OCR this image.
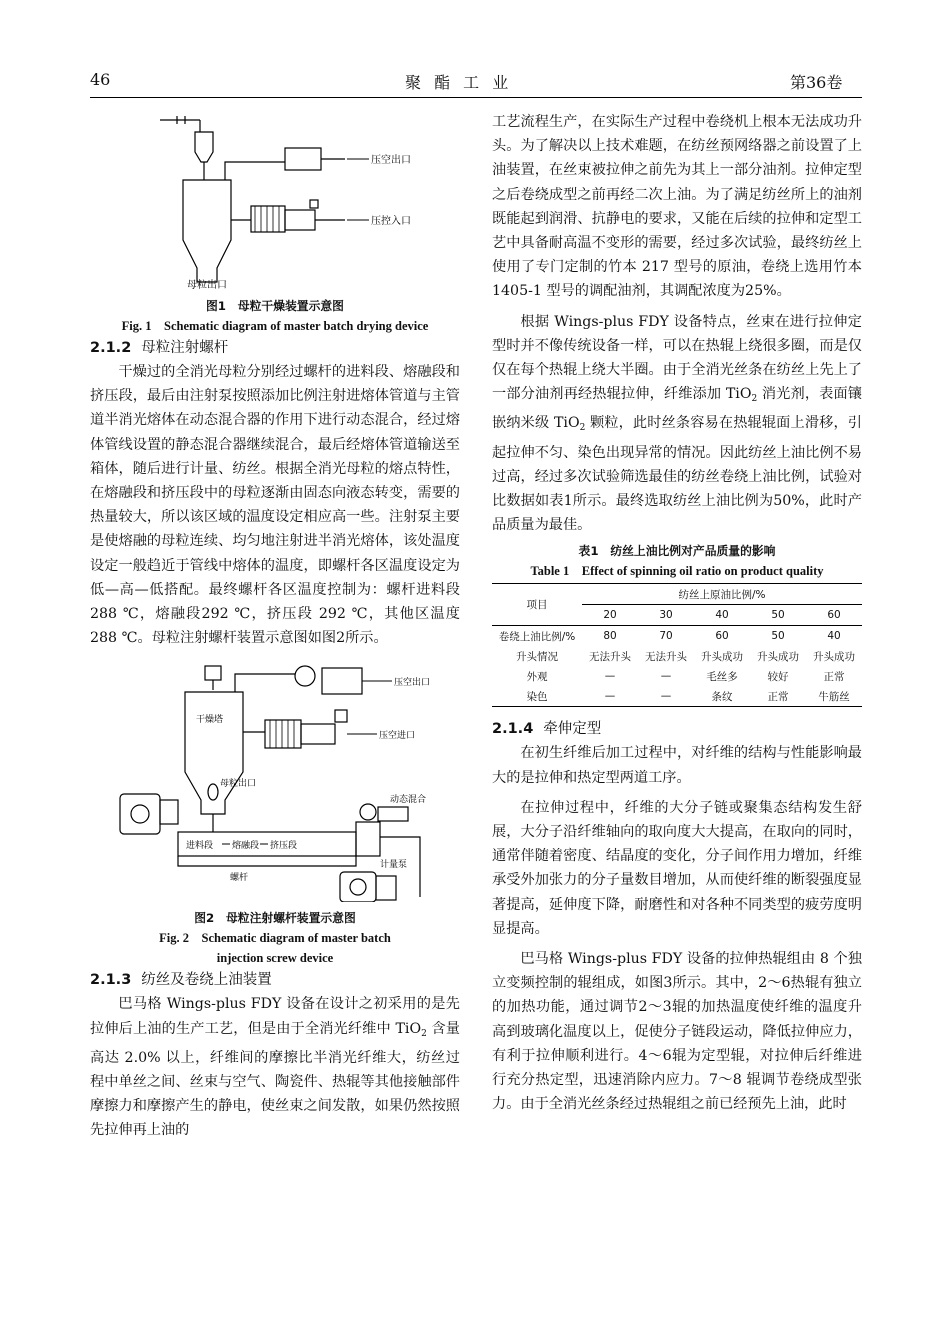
46	聚 酯 工 业	第36卷
压空出口
压控入口
母粒出口

图1　母粒干燥装置示意图

Fig. 1　Schematic diagram of master batch drying device

2.1.2 母粒注射螺杆

干燥过的全消光母粒分别经过螺杆的进料段、熔融段和挤压段，最后由注射泵按照添加比例注射进熔体管道与主管道半消光熔体在动态混合器的作用下进行动态混合，经过熔体管线设置的静态混合器继续混合，最后经熔体管道输送至箱体，随后进行计量、纺丝。根据全消光母粒的熔点特性，在熔融段和挤压段中的母粒逐渐由固态向液态转变，需要的热量较大，所以该区域的温度设定相应高一些。注射泵主要是使熔融的母粒连续、均匀地注射进半消光熔体，该处温度设定一般趋近于管线中熔体的温度，即螺杆各区温度设定为低—高—低搭配。最终螺杆各区温度控制为：螺杆进料段 288 ℃，熔融段292 ℃，挤压段 292 ℃，其他区温度 288 ℃。母粒注射螺杆装置示意图如图2所示。

干燥塔
压空出口
压空进口
母粒出口
进料段 熔融段 挤压段
螺杆
计量泵
动态混合

图2　母粒注射螺杆装置示意图

Fig. 2　Schematic diagram of master batch

injection screw device

2.1.3 纺丝及卷绕上油装置

巴马格 Wings-plus FDY 设备在设计之初采用的是先拉伸后上油的生产工艺，但是由于全消光纤维中 TiO$_2$ 含量高达 2.0% 以上，纤维间的摩擦比半消光纤维大，纺丝过程中单丝之间、丝束与空气、陶瓷件、热辊等其他接触部件摩擦力和摩擦产生的静电，使丝束之间发散，如果仍然按照先拉伸再上油的

工艺流程生产，在实际生产过程中卷绕机上根本无法成功升头。为了解决以上技术难题，在纺丝预网络器之前设置了上油装置，在丝束被拉伸之前先为其上一部分油剂。拉伸定型之后卷绕成型之前再经二次上油。为了满足纺丝所上的油剂既能起到润滑、抗静电的要求，又能在后续的拉伸和定型工艺中具备耐高温不变形的需要，经过多次试验，最终纺丝上使用了专门定制的竹本 217 型号的原油，卷绕上选用竹本 1405-1 型号的调配油剂，其调配浓度为25%。

根据 Wings-plus FDY 设备特点，丝束在进行拉伸定型时并不像传统设备一样，可以在热辊上绕很多圈，而是仅仅在每个热辊上绕大半圈。由于全消光丝条在纺丝上先上了一部分油剂再经热辊拉伸，纤维添加 TiO$_2$ 消光剂，表面镶嵌纳米级 TiO$_2$ 颗粒，此时丝条容易在热辊辊面上滑移，引起拉伸不匀、染色出现异常的情况。因此纺丝上油比例不易过高，经过多次试验筛选最佳的纺丝卷绕上油比例，试验对比数据如表1所示。最终选取纺丝上油比例为50%，此时产品质量为最佳。

表1　纺丝上油比例对产品质量的影响

Table 1　Effect of spinning oil ratio on product quality

项目	纺丝上原油比例/%				
	20	30	40	50	60
卷绕上油比例/%	80	70	60	50	40
升头情况	无法升头	无法升头	升头成功	升头成功	升头成功
外观	—	—	毛丝多	较好	正常
染色	—	—	条纹	正常	牛筋丝
2.1.4 牵伸定型

在初生纤维后加工过程中，对纤维的结构与性能影响最大的是拉伸和热定型两道工序。

在拉伸过程中，纤维的大分子链或聚集态结构发生舒展，大分子沿纤维轴向的取向度大大提高，在取向的同时，通常伴随着密度、结晶度的变化，分子间作用力增加，纤维承受外加张力的分子量数目增加，从而使纤维的断裂强度显著提高，延伸度下降，耐磨性和对各种不同类型的疲劳度明显提高。

巴马格 Wings-plus FDY 设备的拉伸热辊组由 8 个独立变频控制的辊组成，如图3所示。其中，2～6热辊有独立的加热功能，通过调节2～3辊的加热温度使纤维的温度升高到玻璃化温度以上，促使分子链段运动，降低拉伸应力，有利于拉伸顺利进行。4～6辊为定型辊，对拉伸后纤维进行充分热定型，迅速消除内应力。7～8 辊调节卷绕成型张力。由于全消光丝条经过热辊组之前已经预先上油，此时
